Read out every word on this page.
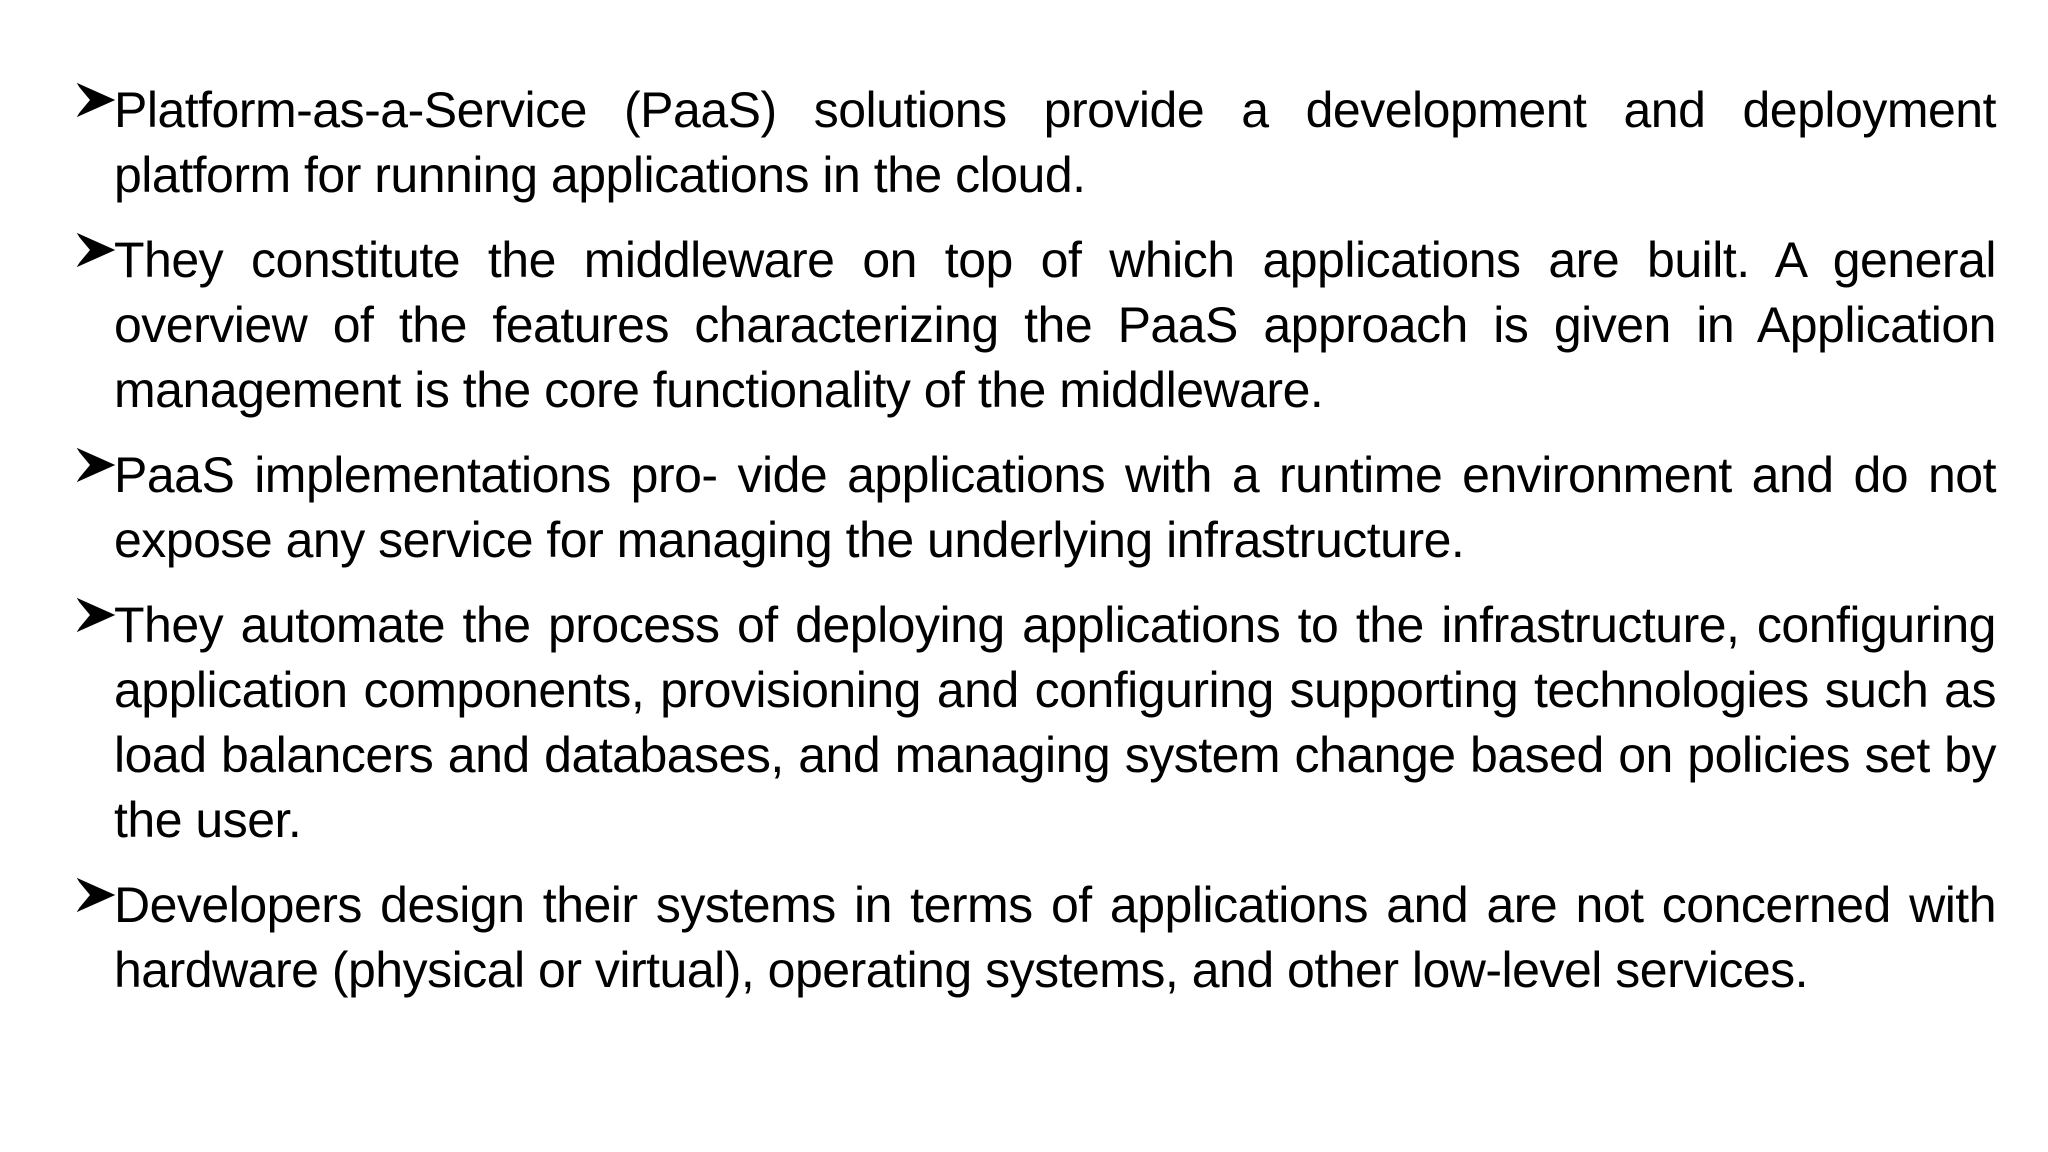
Platform-as-a-Service (PaaS) solutions provide a development and deployment platform for running applications in the cloud.
They constitute the middleware on top of which applications are built. A general overview of the features characterizing the PaaS approach is given in Application management is the core functionality of the middleware.
PaaS implementations pro- vide applications with a runtime environment and do not expose any service for managing the underlying infrastructure.
They automate the process of deploying applications to the infrastructure, configuring application components, provisioning and configuring supporting technologies such as load balancers and databases, and managing system change based on policies set by the user.
Developers design their systems in terms of applications and are not concerned with hardware (physical or virtual), operating systems, and other low-level services.
